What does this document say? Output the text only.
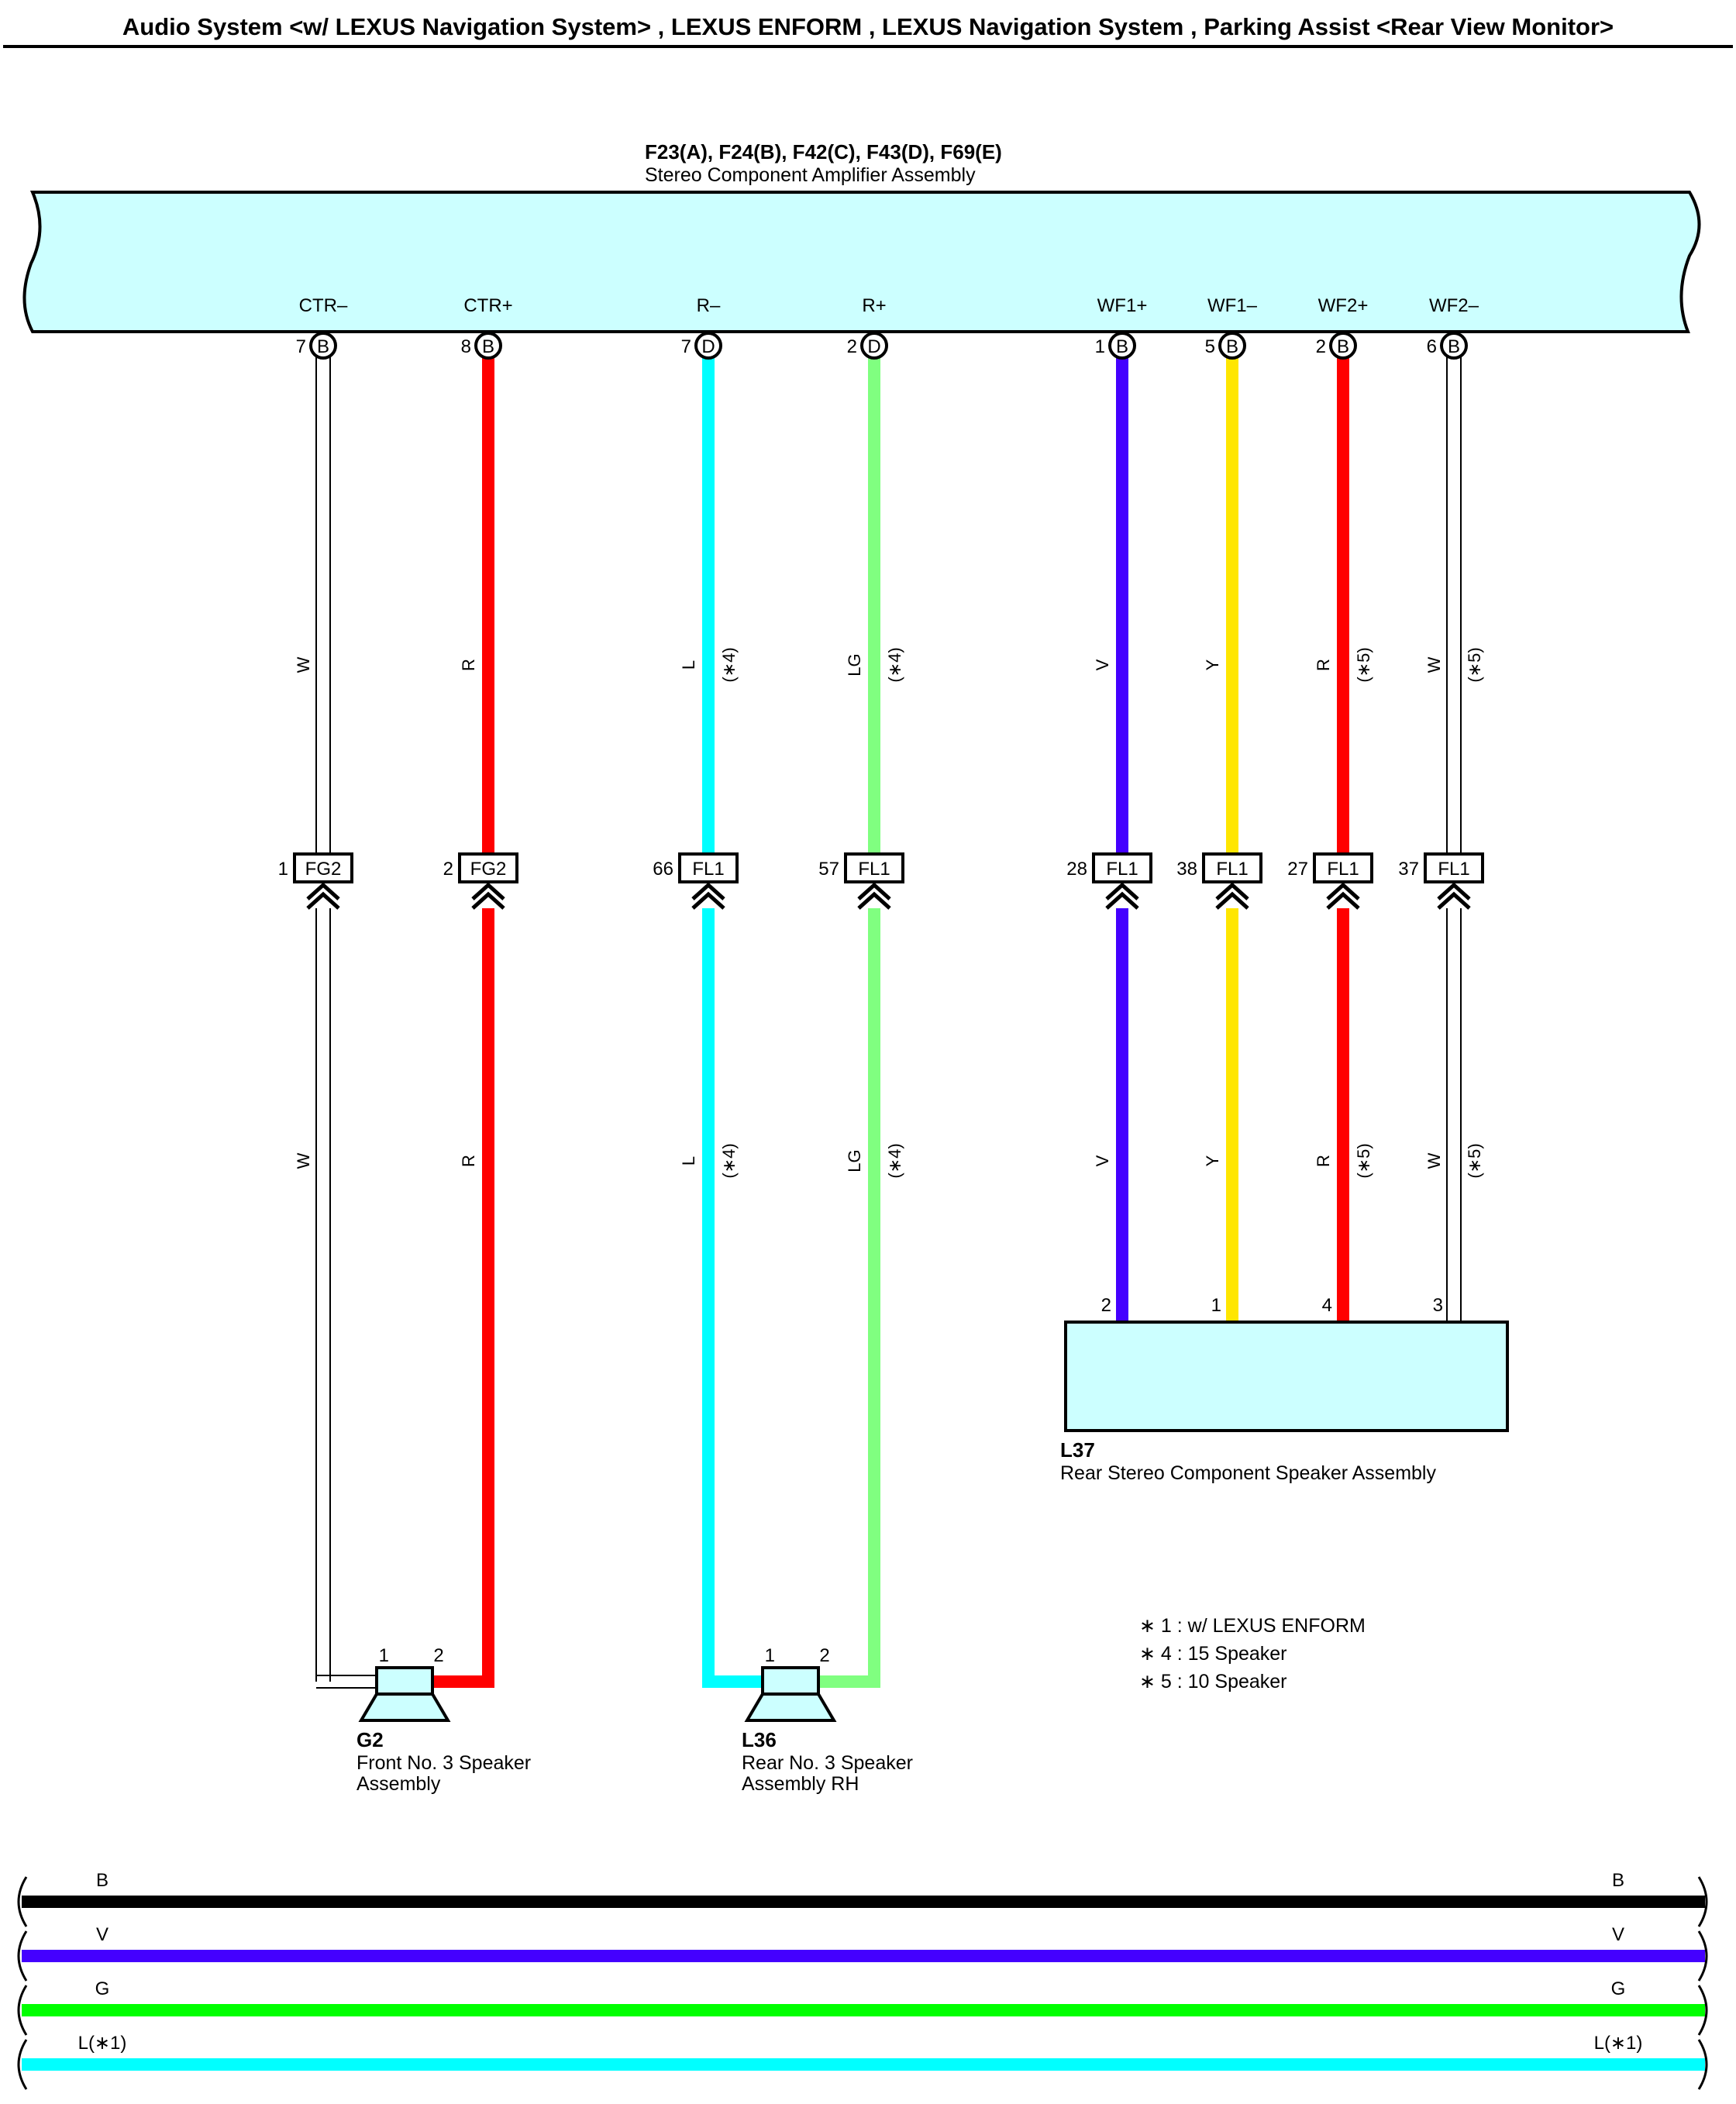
Audio System <w/ LEXUS Navigation System> , LEXUS ENFORM , LEXUS Navigation System , Parking Assist <Rear View Monitor>
F23(A), F24(B), F42(C), F43(D), F69(E)
Stereo Component Amplifier Assembly
CTR–
B
7
W
W
FG2
1
CTR+
B
8
R
R
FG2
2
R–
D
7
L (∗4)
L (∗4)
FL1
66
R+
D
2
LG (∗4)
LG (∗4)
FL1
57
WF1+
B
1
V
V
FL1
28
WF1–
B
5
Y
Y
FL1
38
WF2+
B
2
R (∗5)
R (∗5)
FL1
27
WF2–
B
6
W (∗5)
W (∗5)
FL1
37
2	1	4	3
L37
Rear Stereo Component Speaker Assembly
1 2	1 2
G2
Front No. 3 Speaker
Assembly
L36
Rear No. 3 Speaker
Assembly RH
∗ 1 : w/ LEXUS ENFORM
∗ 4 : 15 Speaker
∗ 5 : 10 Speaker
B	B
V	V
G	G
L(∗1)	L(∗1)
